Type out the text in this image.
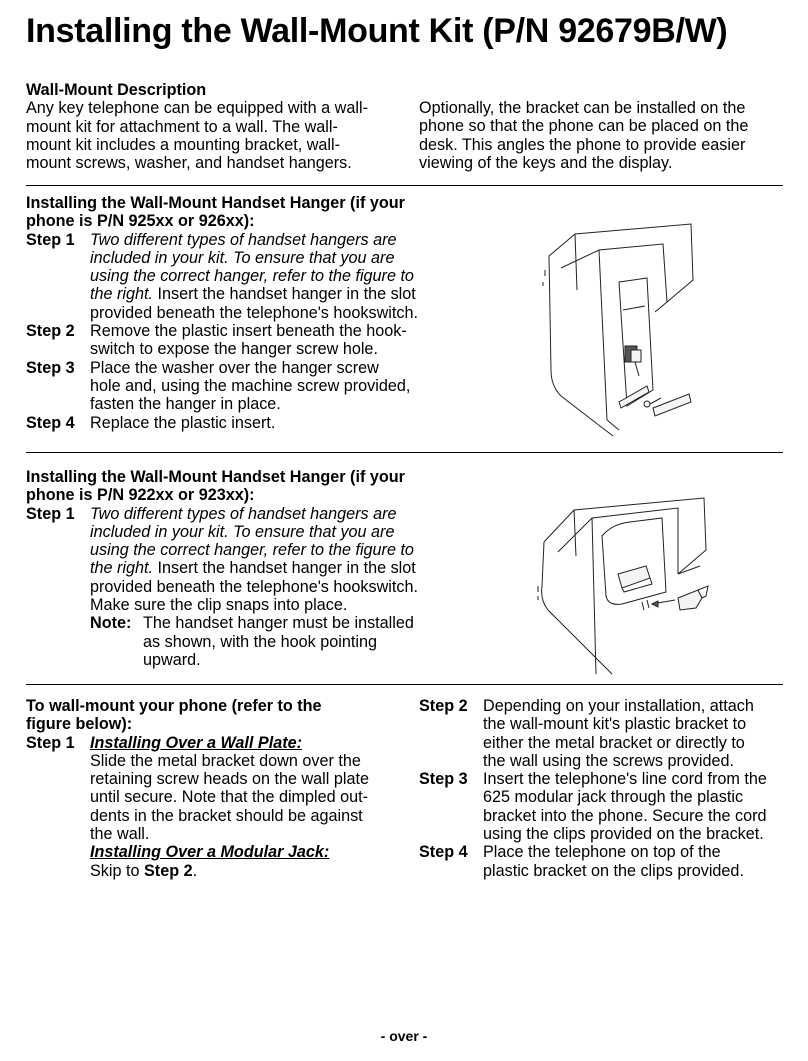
Installing the Wall-Mount Kit (P/N 92679B/W)
Wall-Mount Description
Any key telephone can be equipped with a wall-
mount kit for attachment to a wall. The wall-
mount kit includes a mounting bracket, wall-
mount screws, washer, and handset hangers.
Optionally, the bracket can be installed on the
phone so that the phone can be placed on the
desk. This angles the phone to provide easier
viewing of the keys and the display.
Installing the Wall-Mount Handset Hanger (if your
phone is P/N 925xx or 926xx):
Step 1 Two different types of handset hangers are
included in your kit. To ensure that you are
using the correct hanger, refer to the figure to
the right. Insert the handset hanger in the slot
provided beneath the telephone's hookswitch.
Step 2 Remove the plastic insert beneath the hook-
switch to expose the hanger screw hole.
Step 3 Place the washer over the hanger screw
hole and, using the machine screw provided,
fasten the hanger in place.
Step 4 Replace the plastic insert.
Installing the Wall-Mount Handset Hanger (if your
phone is P/N 922xx or 923xx):
Step 1 Two different types of handset hangers are
included in your kit. To ensure that you are
using the correct hanger, refer to the figure to
the right. Insert the handset hanger in the slot
provided beneath the telephone's hookswitch.
Make sure the clip snaps into place.
Note: The handset hanger must be installed
as shown, with the hook pointing
upward.
To wall-mount your phone (refer to the
figure below):
Step 1 Installing Over a Wall Plate:
Slide the metal bracket down over the
retaining screw heads on the wall plate
until secure. Note that the dimpled out-
dents in the bracket should be against
the wall.
Installing Over a Modular Jack:
Skip to Step 2.
Step 2 Depending on your installation, attach
the wall-mount kit's plastic bracket to
either the metal bracket or directly to
the wall using the screws provided.
Step 3 Insert the telephone's line cord from the
625 modular jack through the plastic
bracket into the phone. Secure the cord
using the clips provided on the bracket.
Step 4 Place the telephone on top of the
plastic bracket on the clips provided.
- over -
